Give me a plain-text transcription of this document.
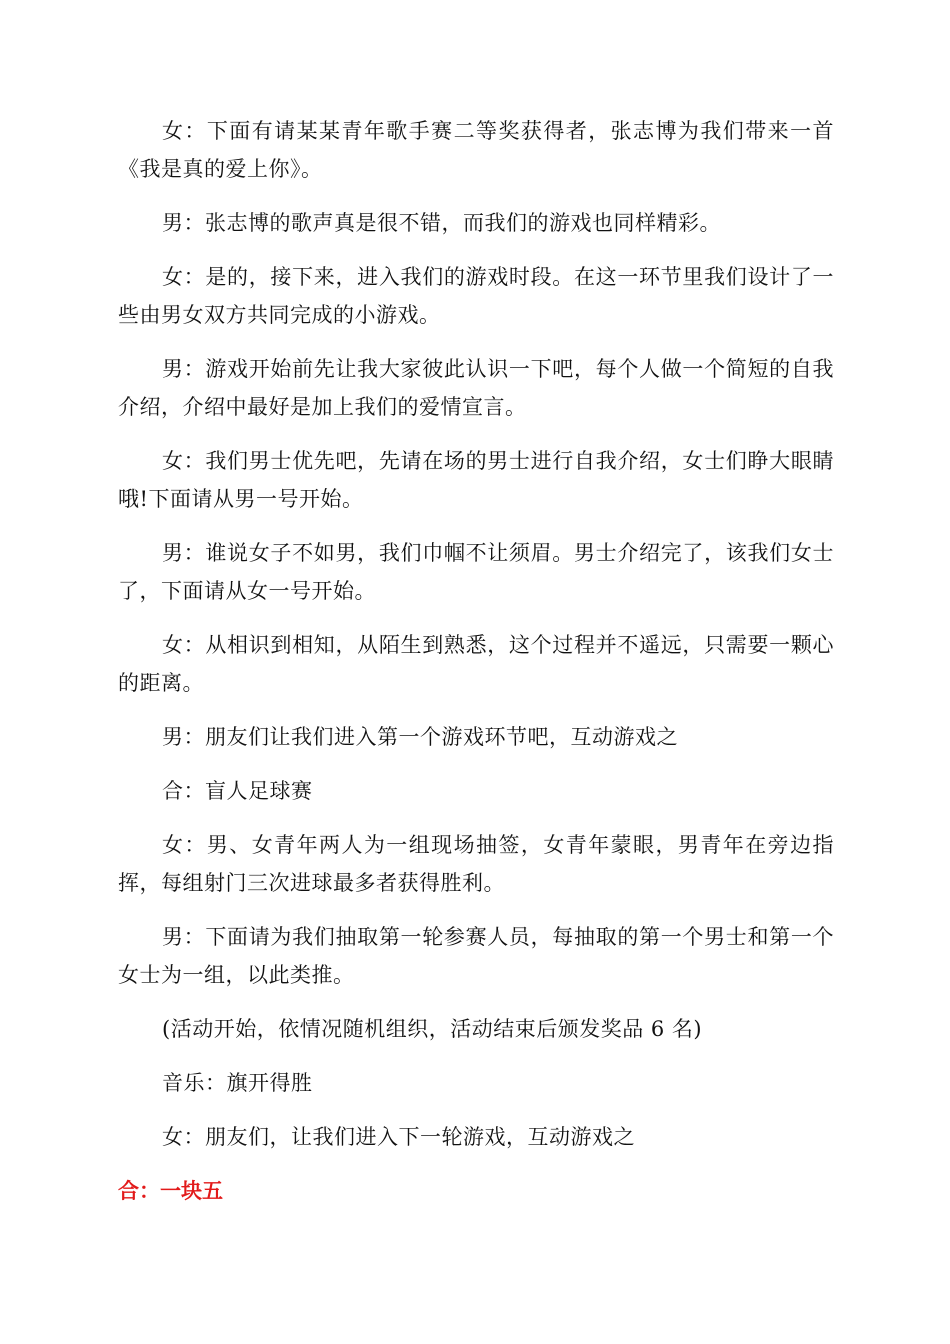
女：下面有请某某青年歌手赛二等奖获得者，张志博为我们带来一首《我是真的爱上你》。

男：张志博的歌声真是很不错，而我们的游戏也同样精彩。

女：是的，接下来，进入我们的游戏时段。在这一环节里我们设计了一些由男女双方共同完成的小游戏。

男：游戏开始前先让我大家彼此认识一下吧，每个人做一个简短的自我介绍，介绍中最好是加上我们的爱情宣言。

女：我们男士优先吧，先请在场的男士进行自我介绍，女士们睁大眼睛哦!下面请从男一号开始。

男：谁说女子不如男，我们巾帼不让须眉。男士介绍完了，该我们女士了，下面请从女一号开始。

女：从相识到相知，从陌生到熟悉，这个过程并不遥远，只需要一颗心的距离。

男：朋友们让我们进入第一个游戏环节吧，互动游戏之

合：盲人足球赛

女：男、女青年两人为一组现场抽签，女青年蒙眼，男青年在旁边指挥，每组射门三次进球最多者获得胜利。

男：下面请为我们抽取第一轮参赛人员，每抽取的第一个男士和第一个女士为一组，以此类推。

(活动开始，依情况随机组织，活动结束后颁发奖品 6 名)

音乐：旗开得胜

女：朋友们，让我们进入下一轮游戏，互动游戏之

合：一块五
